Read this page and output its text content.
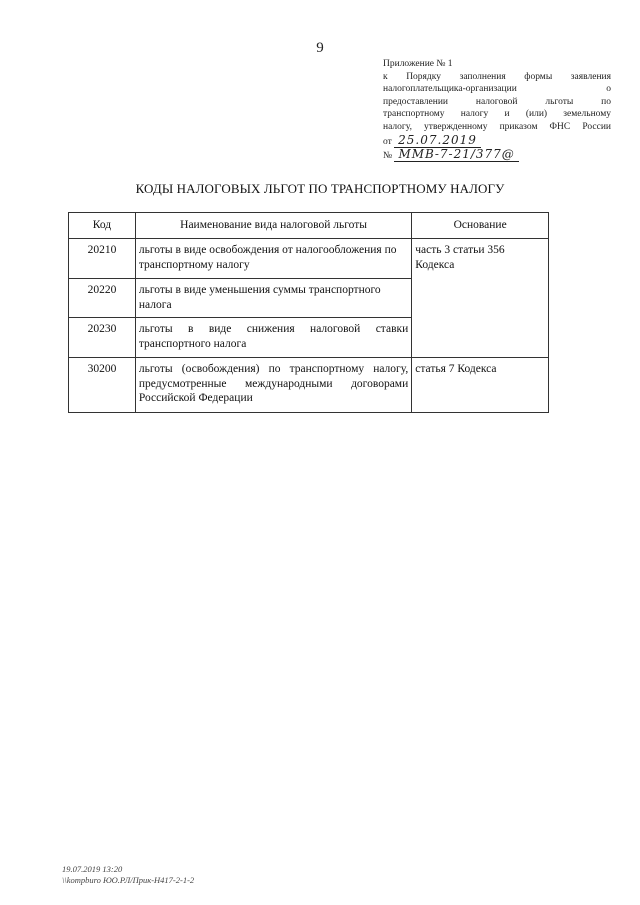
9
Приложение № 1
к Порядку заполнения формы заявления
налогоплательщика-организации о
предоставлении налоговой льготы по
транспортному налогу и (или) земельному
налогу, утвержденному приказом ФНС России
от 25.07.2019
№ ММВ-7-21/377@
КОДЫ НАЛОГОВЫХ ЛЬГОТ ПО ТРАНСПОРТНОМУ НАЛОГУ
Код	Наименование вида налоговой льготы	Основание
20210	льготы в виде освобождения от налогообложения по транспортному налогу	часть 3 статьи 356 Кодекса
20220	льготы в виде уменьшения суммы транспортного налога	
20230	льготы в виде снижения налоговой ставки транспортного налога	
30200	льготы (освобождения) по транспортному налогу, предусмотренные международными договорами Российской Федерации	статья 7 Кодекса
19.07.2019 13:20
\\kompburo ЮО.РЛ/Прик-Н417-2-1-2
